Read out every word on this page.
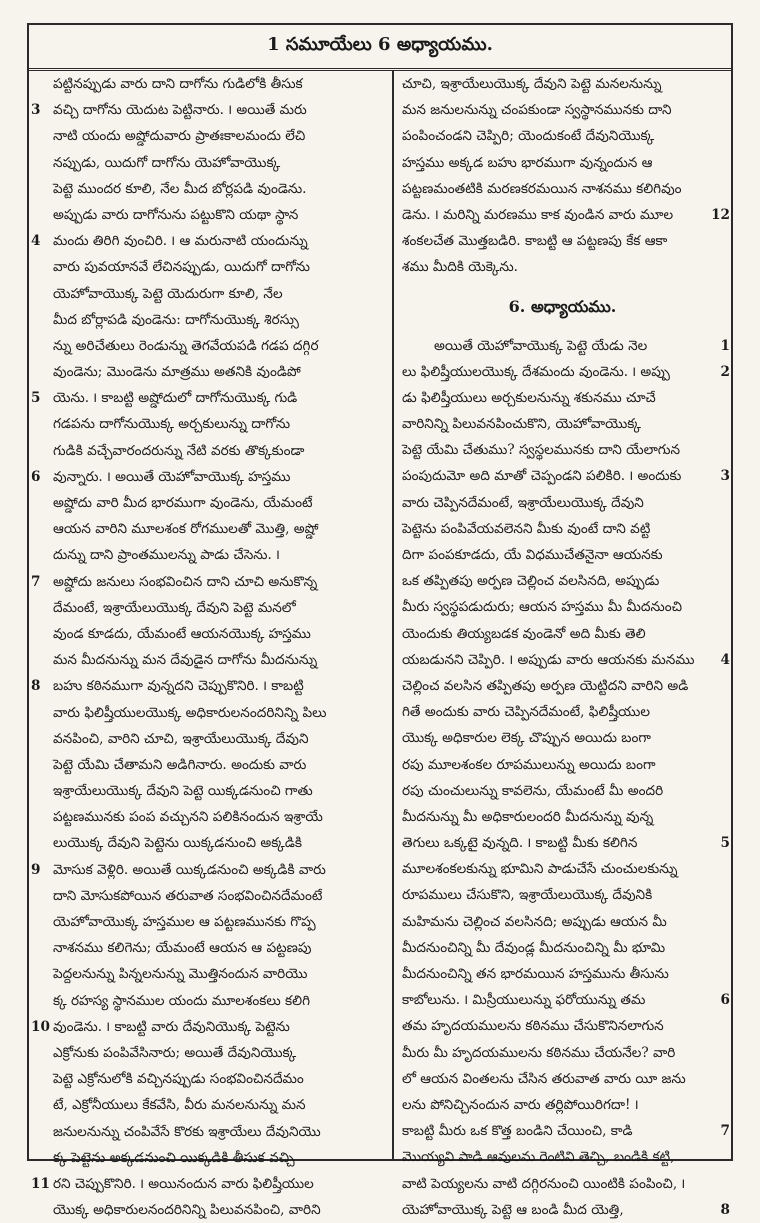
1 సమూయేలు 6 అధ్యాయము.
పట్టినప్పుడు వారు దాని దాగోను గుడిలోకి తీసుక
3 వచ్చి దాగోను యెదుట పెట్టినారు. ౹ అయితే మరు
నాటి యందు అష్డోదువారు ప్రాతఃకాలమందు లేచి
నప్పుడు, యిదుగో దాగోను యెహోవాయొక్క
పెట్టె ముందర కూలి, నేల మీద బోర్లపడి వుండెను.
అప్పుడు వారు దాగోనును పట్టుకొని యథా స్థాన
4 మందు తిరిగి వుంచిరి. ౹ ఆ మరునాటి యందున్ను
వారు పువయానవే లేచినప్పుడు, యిదుగో దాగోను
యెహోవాయొక్క పెట్టె యెదురుగా కూలి, నేల
మీద బోర్లాపడి వుండెను: దాగోనుయొక్క శిరస్సు
న్ను అరిచేతులు రెండున్ను తెగవేయపడి గడప దగ్గిర
వుండెను; మొండెను మాత్రము అతనికి వుండిపో
5 యెను. ౹ కాబట్టి అష్డోదులో దాగోనుయొక్క గుడి
గడపను దాగోనుయొక్క అర్చకులున్ను దాగోను
గుడికి వచ్చేవారందరున్ను నేటి వరకు తొక్కకుండా
6 వున్నారు. ౹ అయితే యెహోవాయొక్క హస్తము
అష్డోదు వారి మీద భారముగా వుండెను, యేమంటే
ఆయన వారిని మూలశంక రోగములతో మొత్తి, అష్డో
దున్ను దాని ప్రాంతములన్ను పాడు చేసెను. ౹
7 అష్డోదు జనులు సంభవించిన దాని చూచి అనుకొన్న
దేమంటే, ఇశ్రాయేలుయొక్క దేవుని పెట్టె మనలో
వుండ కూడదు, యేమంటే ఆయనయొక్క హస్తము
మన మీదనున్ను మన దేవుడైన దాగోను మీదనున్ను
8 బహు కఠినముగా వున్నదని చెప్పుకొనిరి. ౹ కాబట్టి
వారు ఫిలిష్తీయులయొక్క అధికారులనందరినిన్ని పిలు
వనపించి, వారిని చూచి, ఇశ్రాయేలుయొక్క దేవుని
పెట్టె యేమి చేతామని అడిగినారు. అందుకు వారు
ఇశ్రాయేలుయొక్క దేవుని పెట్టె యిక్కడనుంచి గాతు
పట్టణమునకు పంప వచ్చునని పలికినందున ఇశ్రాయే
లుయొక్క దేవుని పెట్టెను యిక్కడనుంచి అక్కడికి
9 మోసుక వెళ్లిరి. అయితే యిక్కడనుంచి అక్కడికి వారు
దాని మోసుకపోయిన తరువాత సంభవించినదేమంటే
యెహోవాయొక్క హస్తముల ఆ పట్టణమునకు గొప్ప
నాశనము కలిగెను; యేమంటే ఆయన ఆ పట్టణపు
పెద్దలనున్ను పిన్నలనున్ను మొత్తినందున వారియొ
క్క రహస్య స్థానముల యందు మూలశంకలు కలిగి
10 వుండెను. ౹ కాబట్టి వారు దేవునియొక్క పెట్టెను
ఎక్రోనుకు పంపివేసినారు; అయితే దేవునియొక్క
పెట్టె ఎక్రోనులోకి వచ్చినప్పుడు సంభవించినదేమం
టే, ఎక్రోనీయులు కేకవేసి, వీరు మనలనున్ను మన
జనులనున్ను చంపివేసే కొరకు ఇశ్రాయేలు దేవునియొ
క్క పెట్టెను అక్కడనుంచి యిక్కడికి తీసుక వచ్చి
11 రని చెప్పుకొనిరి. ౹ అయినందున వారు ఫిలిష్తీయుల
యొక్క అధికారులనందరినిన్ని పిలువనపించి, వారిని
చూచి, ఇశ్రాయేలుయొక్క దేవుని పెట్టె మనలనున్ను
మన జనులనున్ను చంపకుండా స్వస్థానమునకు దాని
పంపించండని చెప్పిరి; యెందుకంటే దేవునియొక్క
హస్తము అక్కడ బహు భారముగా వున్నందున ఆ
పట్టణమంతటికి మరణకరమయిన నాశనము కలిగివుం
12
డెను. ౹ మరిన్ని మరణము కాక వుండిన వారు మూల
శంకలచేత మొత్తబడిరి. కాబట్టి ఆ పట్టణపు కేక ఆకా
శము మీదికి యెక్కెను.
6. అధ్యాయము.
1
అయితే యెహోవాయొక్క పెట్టె యేడు నెల
2
లు ఫిలిష్తీయులయొక్క దేశమందు వుండెను. ౹ అప్పు
డు ఫిలిష్తీయులు అర్చకులనున్ను శకునము చూచే
వారినిన్ని పిలువనపించుకొని, యెహోవాయొక్క
పెట్టె యేమి చేతుము? స్వస్థలమునకు దాని యేలాగున
3
పంపుదుమో అది మాతో చెప్పండని పలికిరి. ౹ అందుకు
వారు చెప్పినదేమంటే, ఇశ్రాయేలుయొక్క దేవుని
పెట్టెను పంపివేయవలెనని మీకు వుంటే దాని వట్టి
దిగా పంపకూడదు, యే విధముచేతనైనా ఆయనకు
ఒక తప్పితపు అర్పణ చెల్లించ వలసినది, అప్పుడు
మీరు స్వస్థపడుదురు; ఆయన హస్తము మీ మీదనుంచి
యెందుకు తియ్యబడక వుండెనో అది మీకు తెలి
4
యబడునని చెప్పిరి. ౹ అప్పుడు వారు ఆయనకు మనము
చెల్లించ వలసిన తప్పితపు అర్పణ యెట్టిదని వారిని అడి
గితే అందుకు వారు చెప్పినదేమంటే, ఫిలిష్తీయుల
యొక్క అధికారుల లెక్క చొప్పున అయిదు బంగా
రపు మూలశంకల రూపములున్ను అయిదు బంగా
రపు చుంచులున్ను కావలెను, యేమంటే మీ అందరి
మీదనున్ను మీ అధికారులందరి మీదనున్ను వున్న
5
తెగులు ఒక్కటై వున్నది. ౹ కాబట్టి మీకు కలిగిన
మూలశంకలకున్ను భూమిని పాడుచేసే చుంచులకున్ను
రూపములు చేసుకొని, ఇశ్రాయేలుయొక్క దేవునికి
మహిమను చెల్లించ వలసినది; అప్పుడు ఆయన మీ
మీదనుంచిన్ని మీ దేవుండ్ల మీదనుంచిన్ని మీ భూమి
మీదనుంచిన్ని తన భారమయిన హస్తమును తీసును
6
కాబోలును. ౹ మిస్రీయులున్ను ఫరోయున్ను తమ
తమ హృదయములను కఠినము చేసుకొనినలాగున
మీరు మీ హృదయములను కఠినము చేయనేల? వారి
లో ఆయన వింతలను చేసిన తరువాత వారు యీ జను
లను పోనిచ్చినందున వారు తర్లిపోయిరిగదా! ౹
7
కాబట్టి మీరు ఒక కొత్త బండిని చేయించి, కాడి
మొయ్యని పాడి ఆవులను రెంటిని తెచ్చి, బండికి కట్టి,
వాటి పెయ్యలను వాటి దగ్గిరనుంచి యింటికి పంపించి, ౹
8
యెహోవాయొక్క పెట్టె ఆ బండి మీద యెత్తి,
